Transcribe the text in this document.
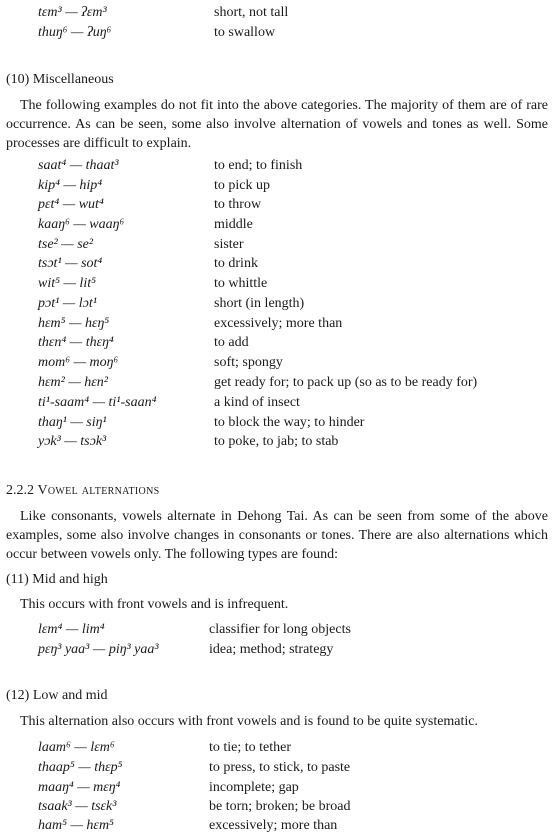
tɛm³ — ʔɛm³	short, not tall
thuŋ⁶ — ʔuŋ⁶	to swallow
(10) Miscellaneous
The following examples do not fit into the above categories. The majority of them are of rare occurrence. As can be seen, some also involve alternation of vowels and tones as well. Some processes are difficult to explain.
saat⁴ — thaat³	to end; to finish
kip⁴ — hip⁴	to pick up
pɛt⁴ — wut⁴	to throw
kaaŋ⁶ — waaŋ⁶	middle
tse² — se²	sister
tsɔt¹ — sot⁴	to drink
wit⁵ — lit⁵	to whittle
pɔt¹ — lɔt¹	short (in length)
hɛm⁵ — hɛŋ⁵	excessively; more than
thɛn⁴ — thɛŋ⁴	to add
mom⁶ — moŋ⁶	soft; spongy
hɛm² — hɛn²	get ready for; to pack up (so as to be ready for)
ti¹-saam⁴ — ti¹-saan⁴	a kind of insect
thaŋ¹ — siŋ¹	to block the way; to hinder
yɔk³ — tsɔk³	to poke, to jab; to stab
2.2.2 Vowel alternations
Like consonants, vowels alternate in Dehong Tai. As can be seen from some of the above examples, some also involve changes in consonants or tones. There are also alternations which occur between vowels only. The following types are found:
(11) Mid and high
This occurs with front vowels and is infrequent.
lɛm⁴ — lim⁴	classifier for long objects
pɛŋ³ yaa³ — piŋ³ yaa³	idea; method; strategy
(12) Low and mid
This alternation also occurs with front vowels and is found to be quite systematic.
laam⁶ — lɛm⁶	to tie; to tether
thaap⁵ — thɛp⁵	to press, to stick, to paste
maaŋ⁴ — mɛŋ⁴	incomplete; gap
tsaak³ — tsɛk³	be torn; broken; be broad
ham⁵ — hɛm⁵	excessively; more than
